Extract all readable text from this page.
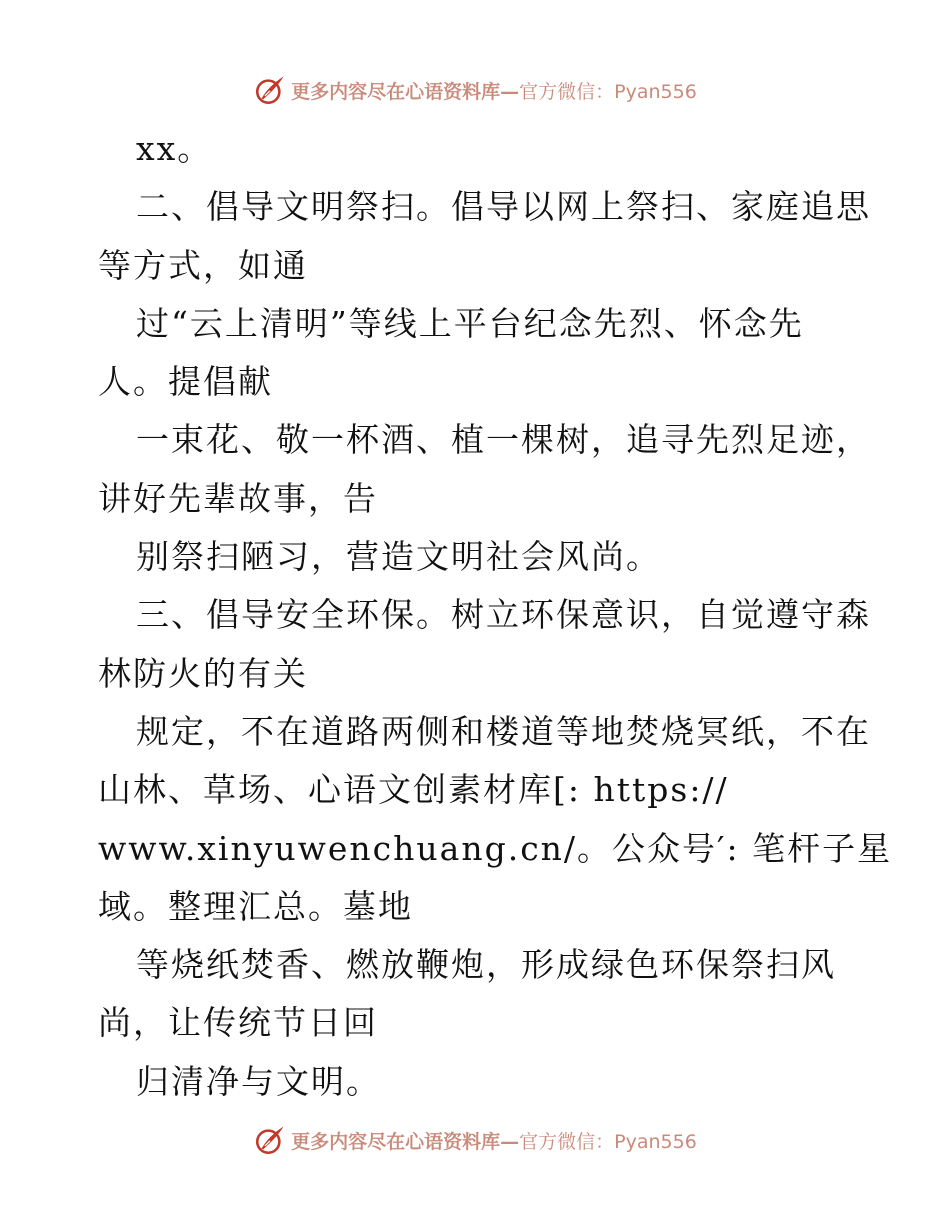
更多内容尽在心语资料库— 官方微信：Pyan556
xx。
二、倡导文明祭扫。倡导以网上祭扫、家庭追思
等方式，如通
过“云上清明”等线上平台纪念先烈、怀念先
人。提倡献
一束花、敬一杯酒、植一棵树，追寻先烈足迹，
讲好先辈故事，告
别祭扫陋习，营造文明社会风尚。
三、倡导安全环保。树立环保意识，自觉遵守森
林防火的有关
规定，不在道路两侧和楼道等地焚烧冥纸，不在
山林、草场、心语文创素材库[: https://
www.xinyuwenchuang.cn/。公众号′: 笔杆子星
域。整理汇总。墓地
等烧纸焚香、燃放鞭炮，形成绿色环保祭扫风
尚，让传统节日回
归清净与文明。
更多内容尽在心语资料库— 官方微信：Pyan556
